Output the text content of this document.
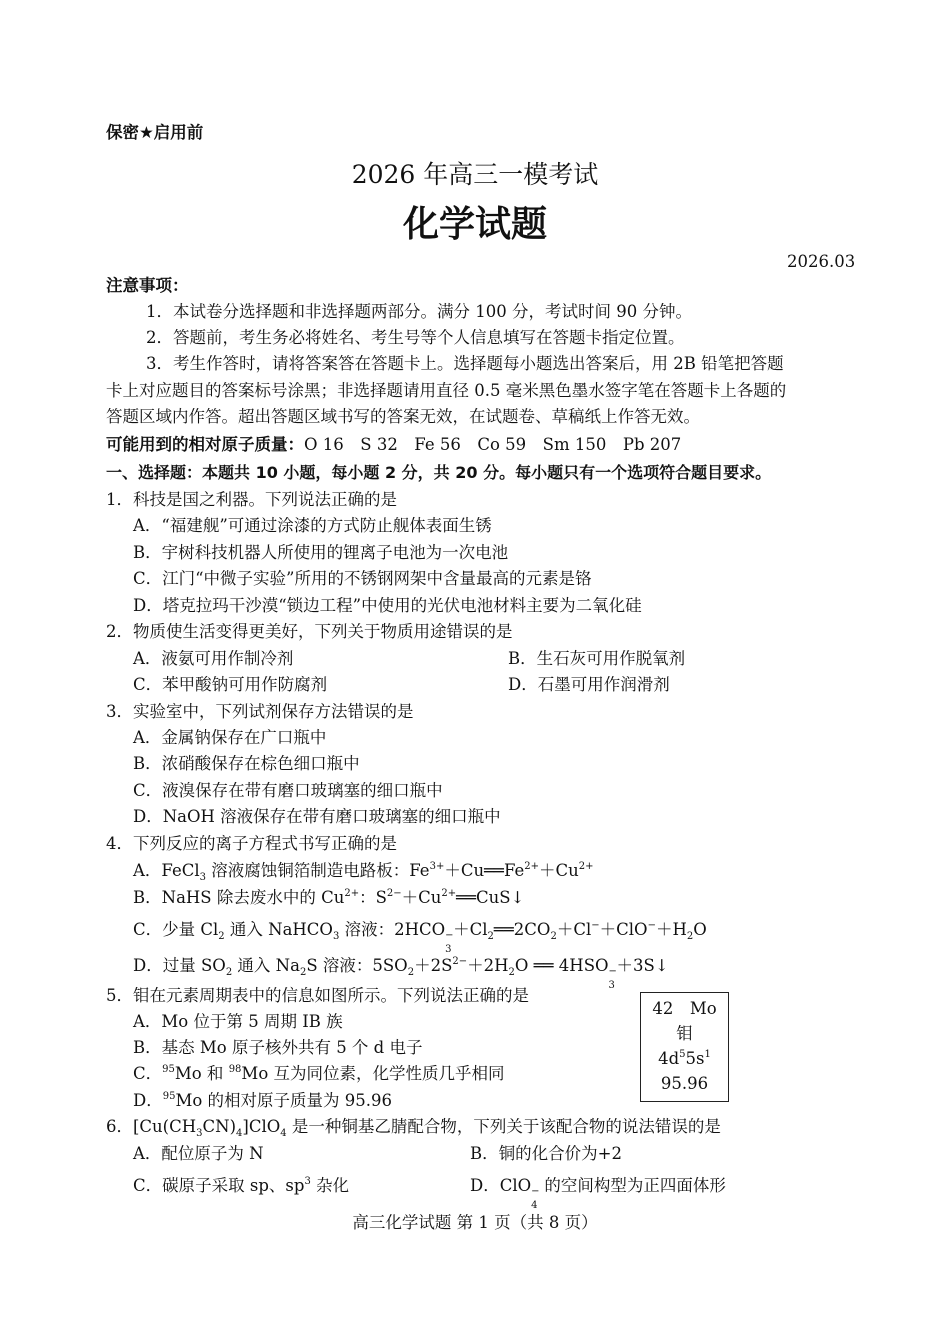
保密★启用前
2026 年高三一模考试
化学试题
2026.03
注意事项：
1．本试卷分选择题和非选择题两部分。满分 100 分，考试时间 90 分钟。
2．答题前，考生务必将姓名、考生号等个人信息填写在答题卡指定位置。
3．考生作答时，请将答案答在答题卡上。选择题每小题选出答案后，用 2B 铅笔把答题
卡上对应题目的答案标号涂黑；非选择题请用直径 0.5 毫米黑色墨水签字笔在答题卡上各题的
答题区域内作答。超出答题区域书写的答案无效，在试题卷、草稿纸上作答无效。
可能用到的相对原子质量：O 16　S 32　Fe 56　Co 59　Sm 150　Pb 207
一、选择题：本题共 10 小题，每小题 2 分，共 20 分。每小题只有一个选项符合题目要求。
1．科技是国之利器。下列说法正确的是
A．“福建舰”可通过涂漆的方式防止舰体表面生锈
B．宇树科技机器人所使用的锂离子电池为一次电池
C．江门“中微子实验”所用的不锈钢网架中含量最高的元素是铬
D．塔克拉玛干沙漠“锁边工程”中使用的光伏电池材料主要为二氧化硅
2．物质使生活变得更美好，下列关于物质用途错误的是
A．液氨可用作制冷剂	B．生石灰可用作脱氧剂
C．苯甲酸钠可用作防腐剂	D．石墨可用作润滑剂
3．实验室中，下列试剂保存方法错误的是
A．金属钠保存在广口瓶中
B．浓硝酸保存在棕色细口瓶中
C．液溴保存在带有磨口玻璃塞的细口瓶中
D．NaOH 溶液保存在带有磨口玻璃塞的细口瓶中
4．下列反应的离子方程式书写正确的是
A．FeCl$_3$ 溶液腐蚀铜箔制造电路板：$Fe^{3+}+Cu══Fe^{2+}+Cu^{2+}$
B．NaHS 除去废水中的 $Cu^{2+}$：$S^{2-}+Cu^{2+}══CuS↓$
C．少量 $Cl_2$ 通入 NaHCO$_3$ 溶液：2HCO −
3
$+Cl_2══2CO_2+Cl^-+ClO^-+H_2O$
D．过量 $SO_2$ 通入 $Na_2S$ 溶液：$5SO_2+2S^{2-}+2H_2O$ ══ 4HSO −
3
＋3S↓
5．钼在元素周期表中的信息如图所示。下列说法正确的是
A．Mo 位于第 5 周期 IB 族
B．基态 Mo 原子核外共有 5 个 d 电子
C．$^{95}$Mo 和 $^{98}$Mo 互为同位素，化学性质几乎相同
D．$^{95}$Mo 的相对原子质量为 95.96
42　Mo
钼
$4d^55s^1$
95.96
6．$[Cu(CH_3CN)_4]ClO_4$ 是一种铜基乙腈配合物，下列关于该配合物的说法错误的是
A．配位原子为 N	B．铜的化合价为+2
C．碳原子采取 sp、$sp^3$ 杂化	D．ClO −
4
的空间构型为正四面体形
高三化学试题 第 1 页（共 8 页）
